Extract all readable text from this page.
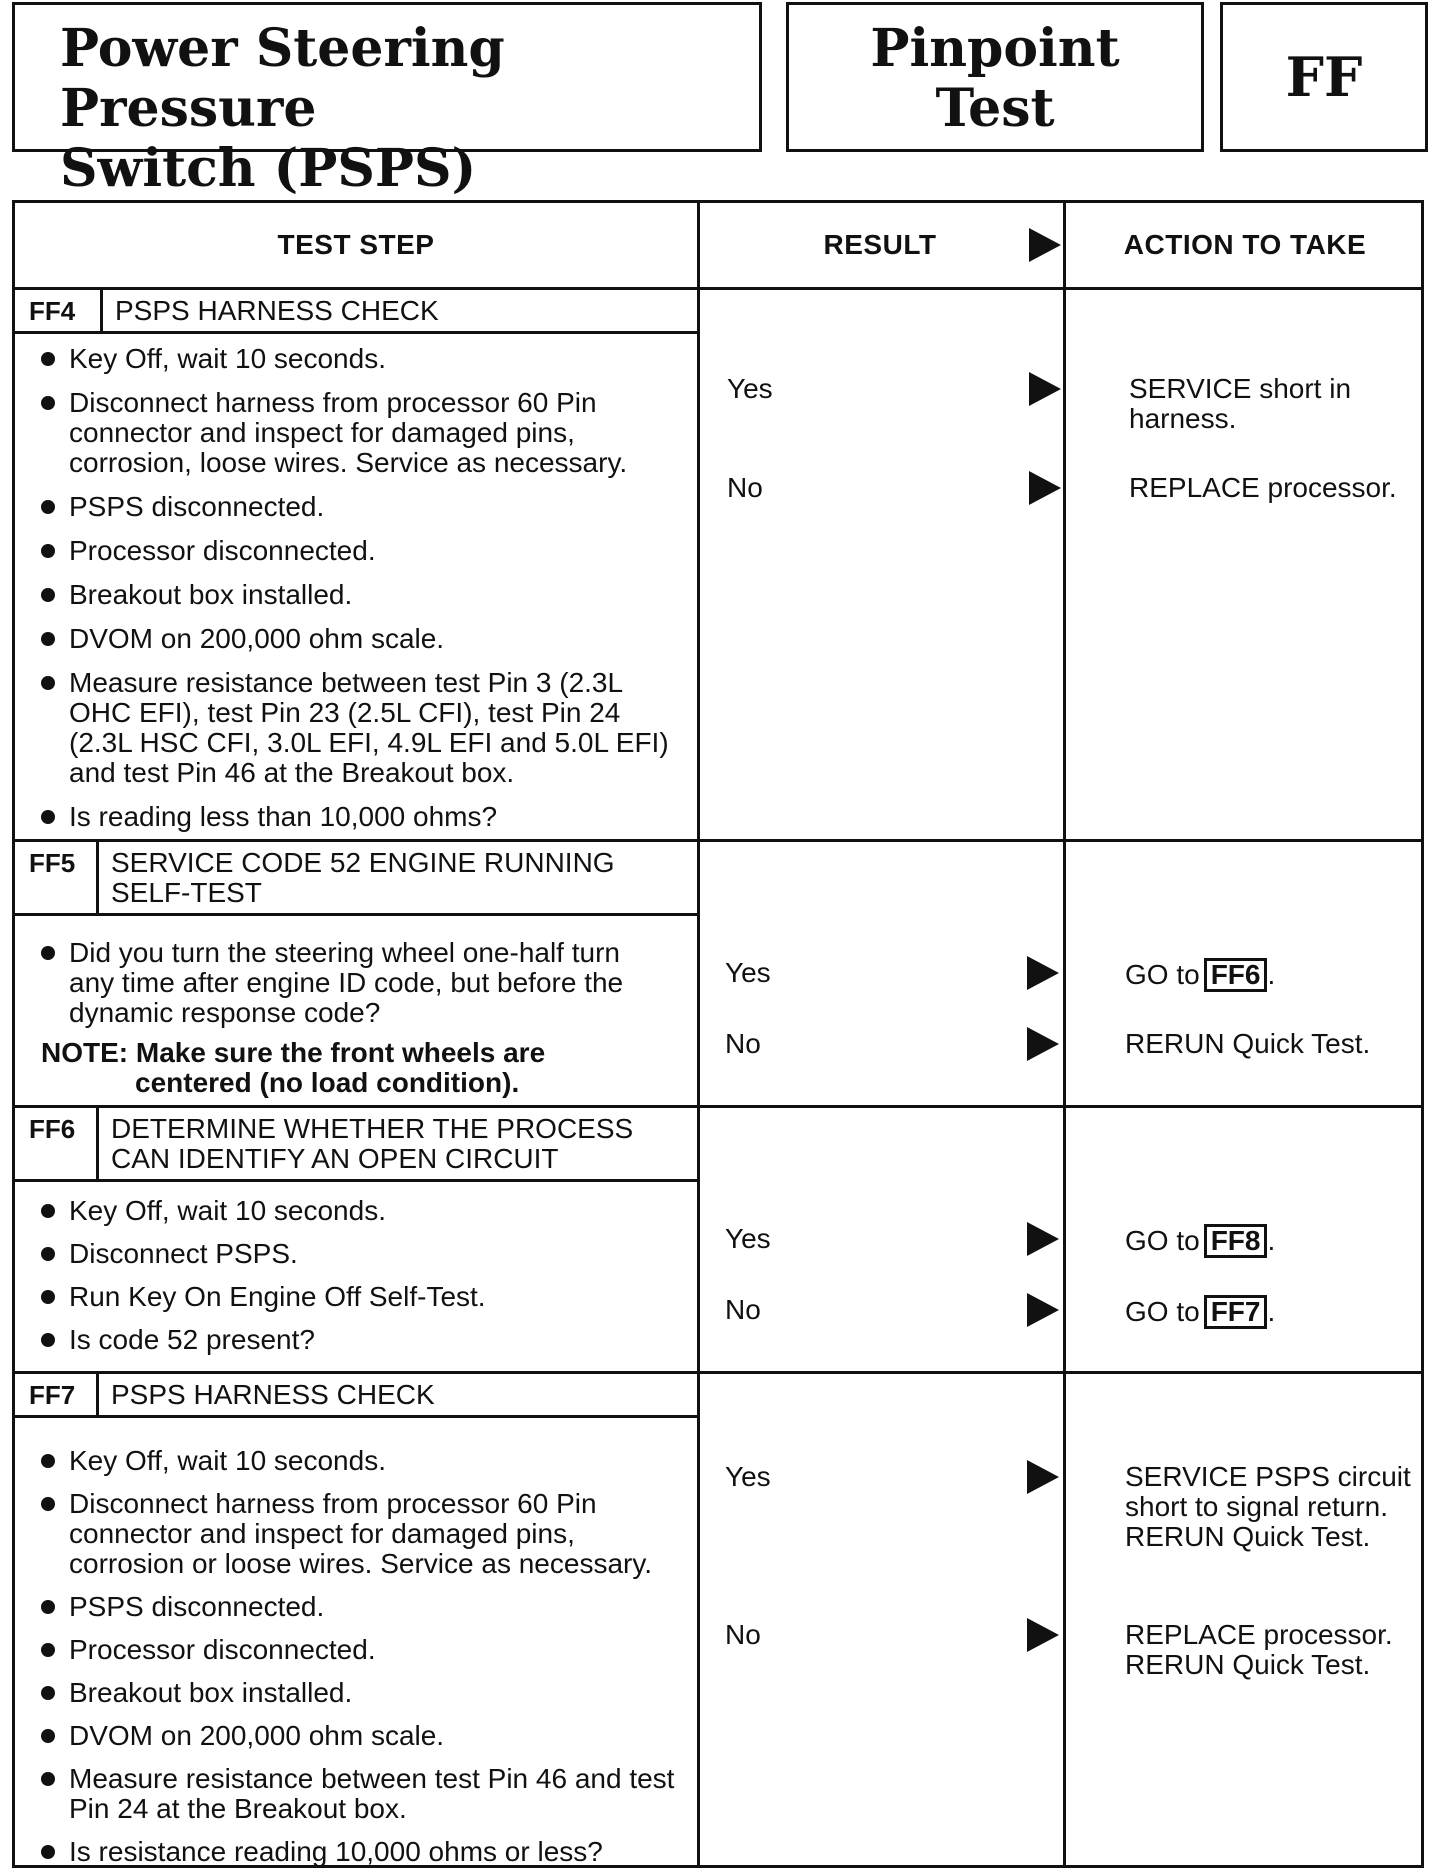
Power Steering Pressure
Switch (PSPS)
Pinpoint
Test	FF
TEST STEP	RESULT	ACTION TO TAKE
FF4	PSPS HARNESS CHECK
Key Off, wait 10 seconds.
Disconnect harness from processor 60 Pin connector and inspect for damaged pins, corrosion, loose wires. Service as necessary.
PSPS disconnected.
Processor disconnected.
Breakout box installed.
DVOM on 200,000 ohm scale.
Measure resistance between test Pin 3 (2.3L OHC EFI), test Pin 23 (2.5L CFI), test Pin 24 (2.3L HSC CFI, 3.0L EFI, 4.9L EFI and 5.0L EFI) and test Pin 46 at the Breakout box.
Is reading less than 10,000 ohms?
Yes	SERVICE short in harness.
No	REPLACE processor.
FF5	SERVICE CODE 52 ENGINE RUNNING SELF-TEST
Did you turn the steering wheel one-half turn any time after engine ID code, but before the dynamic response code?
NOTE: Make sure the front wheels are
centered (no load condition).
Yes	GO to FF6 .
No	RERUN Quick Test.
FF6	DETERMINE WHETHER THE PROCESS CAN IDENTIFY AN OPEN CIRCUIT
Key Off, wait 10 seconds.
Disconnect PSPS.
Run Key On Engine Off Self-Test.
Is code 52 present?
Yes	GO to FF8 .
No	GO to FF7 .
FF7	PSPS HARNESS CHECK
Key Off, wait 10 seconds.
Disconnect harness from processor 60 Pin connector and inspect for damaged pins, corrosion or loose wires. Service as necessary.
PSPS disconnected.
Processor disconnected.
Breakout box installed.
DVOM on 200,000 ohm scale.
Measure resistance between test Pin 46 and test Pin 24 at the Breakout box.
Is resistance reading 10,000 ohms or less?
Yes	SERVICE PSPS circuit short to signal return. RERUN Quick Test.
No	REPLACE processor. RERUN Quick Test.
